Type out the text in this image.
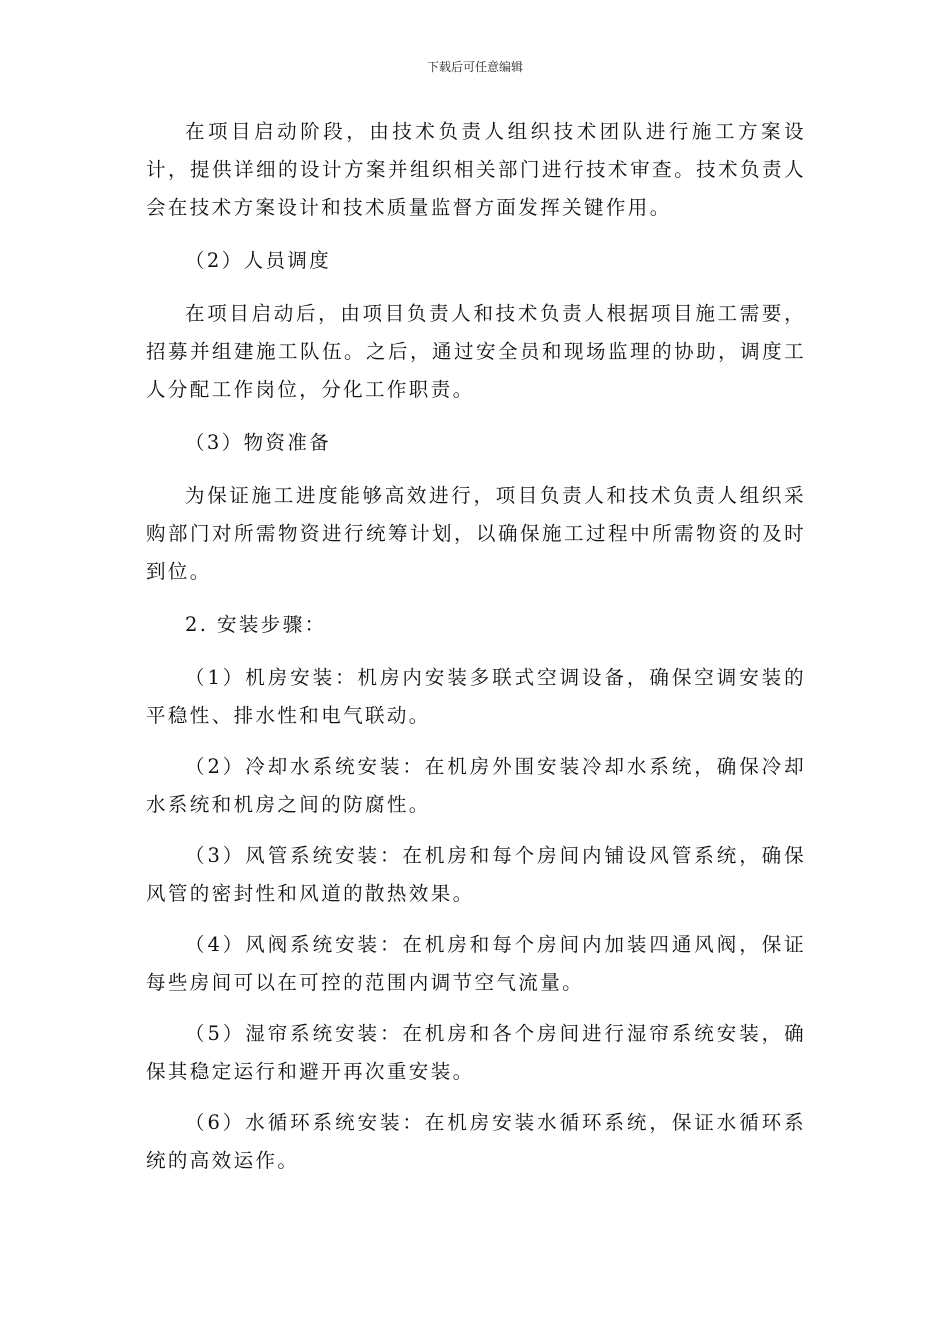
下载后可任意编辑

在项目启动阶段，由技术负责人组织技术团队进行施工方案设计，提供详细的设计方案并组织相关部门进行技术审查。技术负责人会在技术方案设计和技术质量监督方面发挥关键作用。

（2）人员调度

在项目启动后，由项目负责人和技术负责人根据项目施工需要，招募并组建施工队伍。之后，通过安全员和现场监理的协助，调度工人分配工作岗位，分化工作职责。

（3）物资准备

为保证施工进度能够高效进行，项目负责人和技术负责人组织采购部门对所需物资进行统筹计划，以确保施工过程中所需物资的及时到位。

2. 安装步骤：

（1）机房安装：机房内安装多联式空调设备，确保空调安装的平稳性、排水性和电气联动。

（2）冷却水系统安装：在机房外围安装冷却水系统，确保冷却水系统和机房之间的防腐性。

（3）风管系统安装：在机房和每个房间内铺设风管系统，确保风管的密封性和风道的散热效果。

（4）风阀系统安装：在机房和每个房间内加装四通风阀，保证每些房间可以在可控的范围内调节空气流量。

（5）湿帘系统安装：在机房和各个房间进行湿帘系统安装，确保其稳定运行和避开再次重安装。

（6）水循环系统安装：在机房安装水循环系统，保证水循环系统的高效运作。
